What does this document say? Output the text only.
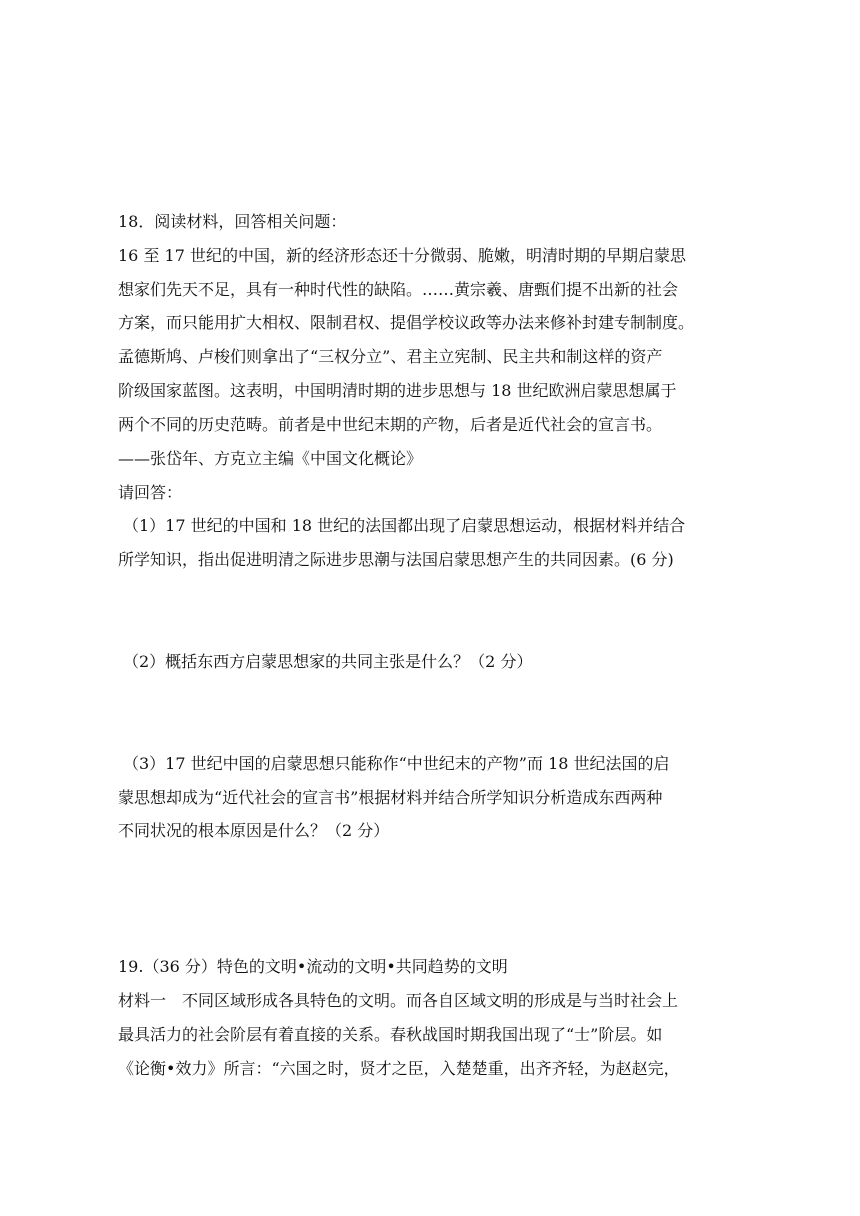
18．阅读材料，回答相关问题：
16 至 17 世纪的中国，新的经济形态还十分微弱、脆嫩，明清时期的早期启蒙思
想家们先天不足，具有一种时代性的缺陷。……黄宗羲、唐甄们提不出新的社会
方案，而只能用扩大相权、限制君权、提倡学校议政等办法来修补封建专制制度。
孟德斯鸠、卢梭们则拿出了“三权分立”、君主立宪制、民主共和制这样的资产
阶级国家蓝图。这表明，中国明清时期的进步思想与 18 世纪欧洲启蒙思想属于
两个不同的历史范畴。前者是中世纪末期的产物，后者是近代社会的宣言书。
——张岱年、方克立主编《中国文化概论》
请回答：
（1）17 世纪的中国和 18 世纪的法国都出现了启蒙思想运动，根据材料并结合
所学知识，指出促进明清之际进步思潮与法国启蒙思想产生的共同因素。(6 分)
（2）概括东西方启蒙思想家的共同主张是什么？（2 分）
（3）17 世纪中国的启蒙思想只能称作“中世纪末的产物”而 18 世纪法国的启
蒙思想却成为“近代社会的宣言书”根据材料并结合所学知识分析造成东西两种
不同状况的根本原因是什么？（2 分）
19.（36 分）特色的文明•流动的文明•共同趋势的文明
材料一　不同区域形成各具特色的文明。而各自区域文明的形成是与当时社会上
最具活力的社会阶层有着直接的关系。春秋战国时期我国出现了“士”阶层。如
《论衡•效力》所言：“六国之时，贤才之臣，入楚楚重，出齐齐轻，为赵赵完，
